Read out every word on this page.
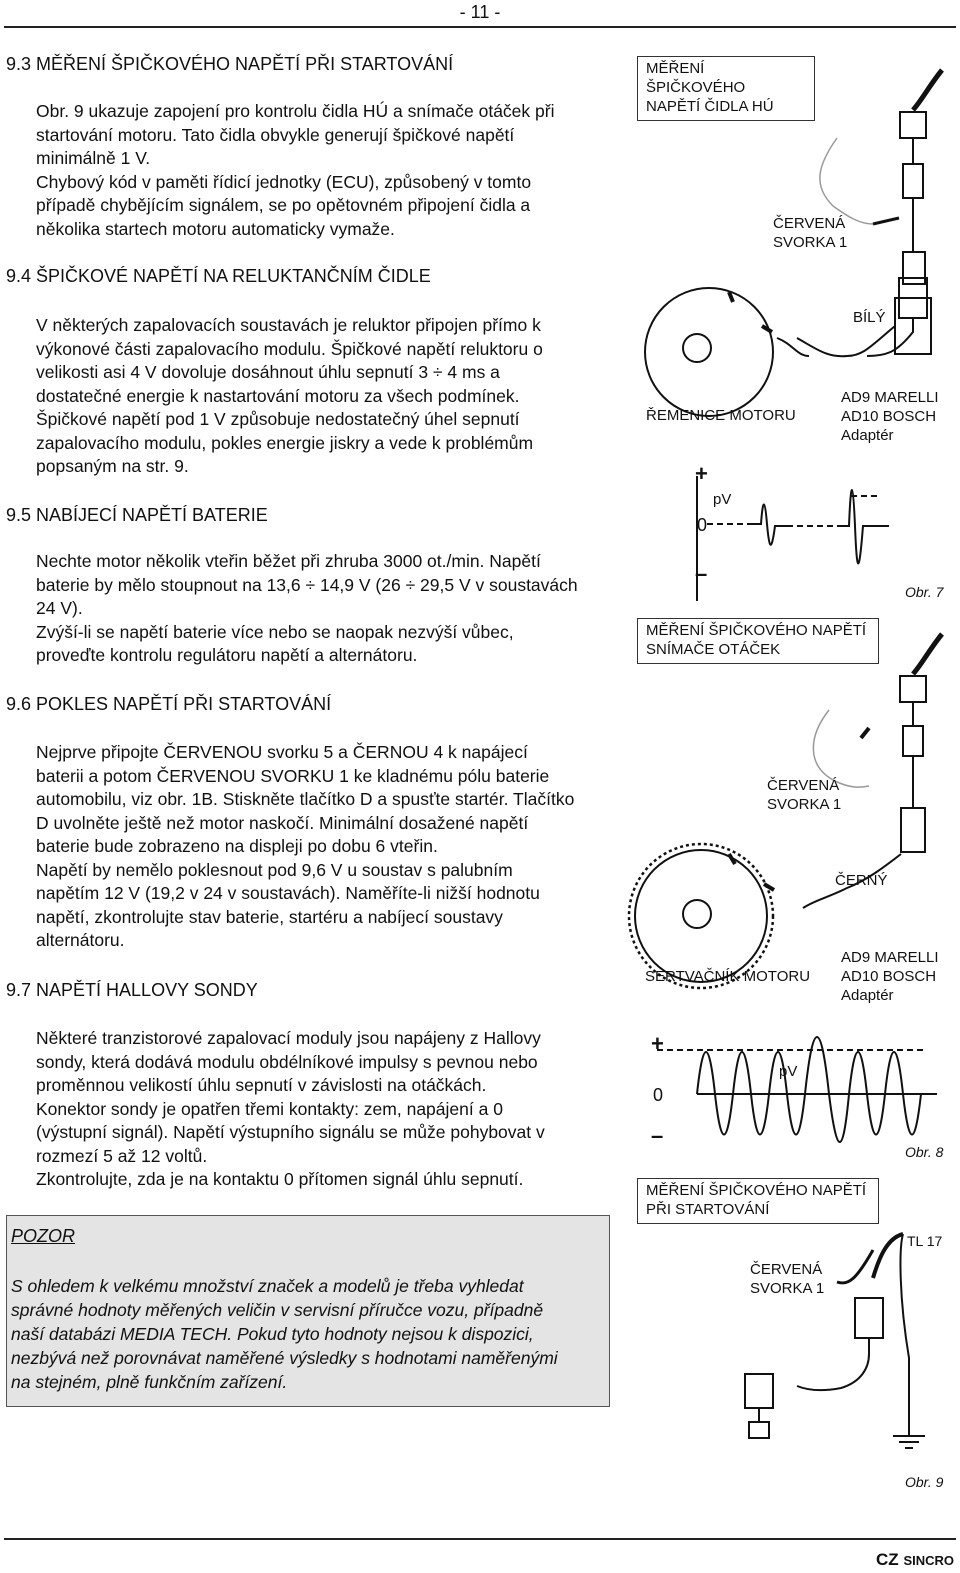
- 11 -
9.3 MĚŘENÍ ŠPIČKOVÉHO NAPĚTÍ PŘI STARTOVÁNÍ
Obr. 9 ukazuje zapojení pro kontrolu čidla HÚ a snímače otáček při
startování motoru. Tato čidla obvykle generují špičkové napětí
minimálně 1 V.
Chybový kód v paměti řídicí jednotky (ECU), způsobený v tomto
případě chybějícím signálem, se po opětovném připojení čidla a
několika startech motoru automaticky vymaže.
9.4 ŠPIČKOVÉ NAPĚTÍ NA RELUKTANČNÍM ČIDLE
V některých zapalovacích soustavách je reluktor připojen přímo k
výkonové části zapalovacího modulu. Špičkové napětí reluktoru o
velikosti asi 4 V dovoluje dosáhnout úhlu sepnutí 3 ÷ 4 ms a
dostatečné energie k nastartování motoru za všech podmínek.
Špičkové napětí pod 1 V způsobuje nedostatečný úhel sepnutí
zapalovacího modulu, pokles energie jiskry a vede k problémům
popsaným na str. 9.
9.5 NABÍJECÍ NAPĚTÍ BATERIE
Nechte motor několik vteřin běžet při zhruba 3000 ot./min. Napětí
baterie by mělo stoupnout na 13,6 ÷ 14,9 V (26 ÷ 29,5 V v soustavách
24 V).
Zvýší-li se napětí baterie více nebo se naopak nezvýší vůbec,
proveďte kontrolu regulátoru napětí a alternátoru.
9.6 POKLES NAPĚTÍ PŘI STARTOVÁNÍ
Nejprve připojte ČERVENOU svorku 5 a ČERNOU 4 k napájecí
baterii a potom ČERVENOU SVORKU 1 ke kladnému pólu baterie
automobilu, viz obr. 1B. Stiskněte tlačítko D a spusťte startér. Tlačítko
D uvolněte ještě než motor naskočí. Minimální dosažené napětí
baterie bude zobrazeno na displeji po dobu 6 vteřin.
Napětí by nemělo poklesnout pod 9,6 V u soustav s palubním
napětím 12 V (19,2 v 24 v soustavách). Naměříte-li nižší hodnotu
napětí, zkontrolujte stav baterie, startéru a nabíjecí soustavy
alternátoru.
9.7 NAPĚTÍ HALLOVY SONDY
Některé tranzistorové zapalovací moduly jsou napájeny z Hallovy
sondy, která dodává modulu obdélníkové impulsy s pevnou nebo
proměnnou velikostí úhlu sepnutí v závislosti na otáčkách.
Konektor sondy je opatřen třemi kontakty: zem, napájení a 0
(výstupní signál). Napětí výstupního signálu se může pohybovat v
rozmezí 5 až 12 voltů.
Zkontrolujte, zda je na kontaktu 0 přítomen signál úhlu sepnutí.
POZOR
S ohledem k velkému množství značek a modelů je třeba vyhledat
správné hodnoty měřených veličin v servisní příručce vozu, případně
naší databázi MEDIA TECH. Pokud tyto hodnoty nejsou k dispozici,
nezbývá než porovnávat naměřené výsledky s hodnotami naměřenými
na stejném, plně funkčním zařízení.
MĚŘENÍ ŠPIČKOVÉHO
NAPĚTÍ ČIDLA HÚ
ČERVENÁ
SVORKA 1
BÍLÝ
ŘEMENICE MOTORU
AD9 MARELLI
AD10 BOSCH
Adaptér
+
pV
0
–
Obr. 7
MĚŘENÍ ŠPIČKOVÉHO NAPĚTÍ
SNÍMAČE OTÁČEK
ČERVENÁ
SVORKA 1
ČERNÝ
SERTVAČNÍK MOTORU
AD9 MARELLI
AD10 BOSCH
Adaptér
+
pV
0
–
Obr. 8
MĚŘENÍ ŠPIČKOVÉHO NAPĚTÍ
PŘI STARTOVÁNÍ
TL 17
ČERVENÁ
SVORKA 1
Obr. 9
CZ SINCRO
